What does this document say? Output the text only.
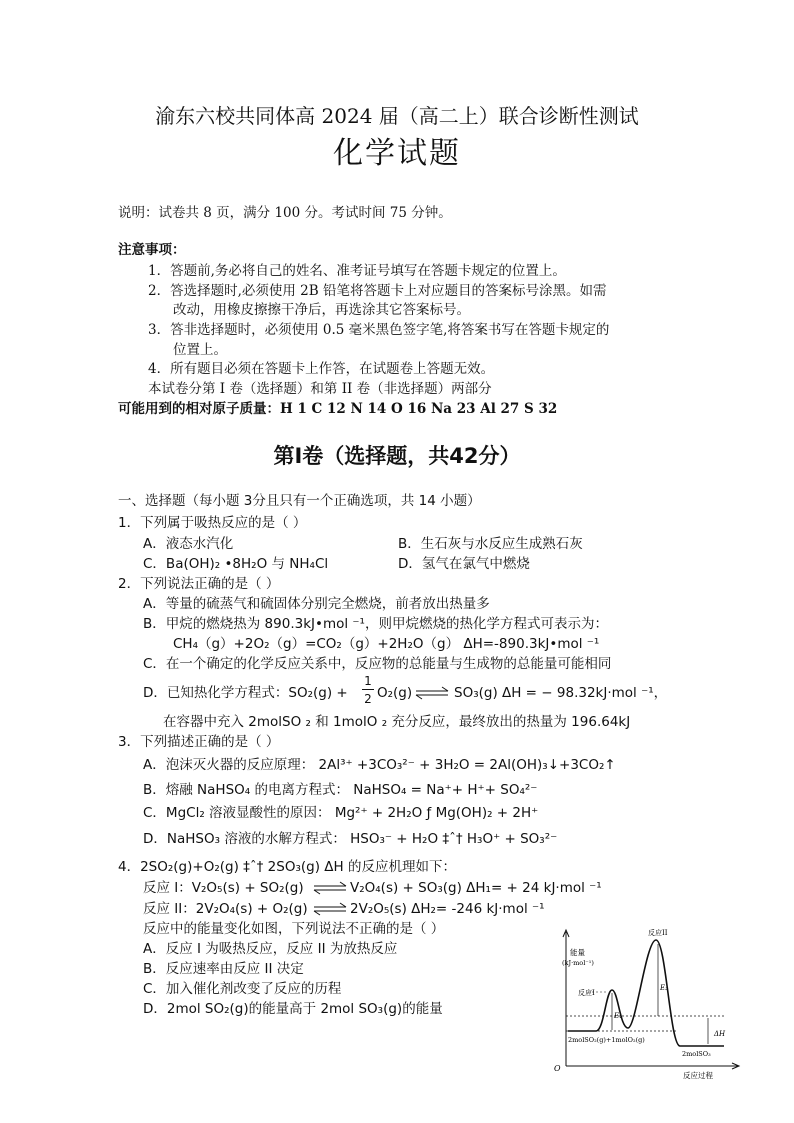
渝东六校共同体高 2024 届（高二上）联合诊断性测试
化学试题
说明：试卷共 8 页，满分 100 分。考试时间 75 分钟。
注意事项：
1．答题前,务必将自己的姓名、准考证号填写在答题卡规定的位置上。
2．答选择题时,必须使用 2B 铅笔将答题卡上对应题目的答案标号涂黑。如需
改动，用橡皮擦擦干净后，再选涂其它答案标号。
3．答非选择题时，必须使用 0.5 毫米黑色签字笔,将答案书写在答题卡规定的
位置上。
4．所有题目必须在答题卡上作答，在试题卷上答题无效。
本试卷分第 I 卷（选择题）和第 II 卷（非选择题）两部分
可能用到的相对原子质量：H 1 C 12 N 14 O 16 Na 23 Al 27 S 32
第Ⅰ卷（选择题，共42分）
一、选择题（每小题 3分且只有一个正确选项，共 14 小题）
1．下列属于吸热反应的是（ ）
A．液态水汽化	B．生石灰与水反应生成熟石灰
C．Ba(OH)₂ •8H₂O 与 NH₄Cl	D．氢气在氯气中燃烧
2．下列说法正确的是（ ）
A．等量的硫蒸气和硫固体分别完全燃烧，前者放出热量多
B．甲烷的燃烧热为 890.3kJ•mol ⁻¹，则甲烷燃烧的热化学方程式可表示为：
CH₄（g）+2O₂（g）=CO₂（g）+2H₂O（g） ΔH=-890.3kJ•mol ⁻¹
C．在一个确定的化学反应关系中，反应物的总能量与生成物的总能量可能相同
D．已知热化学方程式：SO₂(g) +
1
2 O₂(g) ⇌ SO₃(g) ΔH = − 98.32kJ·mol ⁻¹，
在容器中充入 2molSO ₂ 和 1molO ₂ 充分反应，最终放出的热量为 196.64kJ
3．下列描述正确的是（ ）
A．泡沫灭火器的反应原理： 2Al³⁺ +3CO₃²⁻ + 3H₂O = 2Al(OH)₃↓+3CO₂↑
B．熔融 NaHSO₄ 的电离方程式： NaHSO₄ = Na⁺+ H⁺+ SO₄²⁻
C．MgCl₂ 溶液显酸性的原因： Mg²⁺ + 2H₂O ƒ Mg(OH)₂ + 2H⁺
D．NaHSO₃ 溶液的水解方程式： HSO₃⁻ + H₂O ‡ˆ† H₃O⁺ + SO₃²⁻
4．2SO₂(g)+O₂(g) ‡ˆ† 2SO₃(g) ΔH 的反应机理如下：
反应 I：V₂O₅(s) + SO₂(g) ⇌ V₂O₄(s) + SO₃(g) ΔH₁= + 24 kJ·mol ⁻¹
反应 II：2V₂O₄(s) + O₂(g) ⇌ 2V₂O₅(s) ΔH₂= -246 kJ·mol ⁻¹
反应中的能量变化如图，下列说法不正确的是（ ）
A．反应 I 为吸热反应，反应 II 为放热反应
B．反应速率由反应 II 决定
C．加入催化剂改变了反应的历程
D．2mol SO₂(g)的能量高于 2mol SO₃(g)的能量
能量
(kJ·mol⁻¹)
O
反应过程
反应I
反应II
E₁
E₂
ΔH
2molSO₂(g)+1molO₂(g)
2molSO₃
